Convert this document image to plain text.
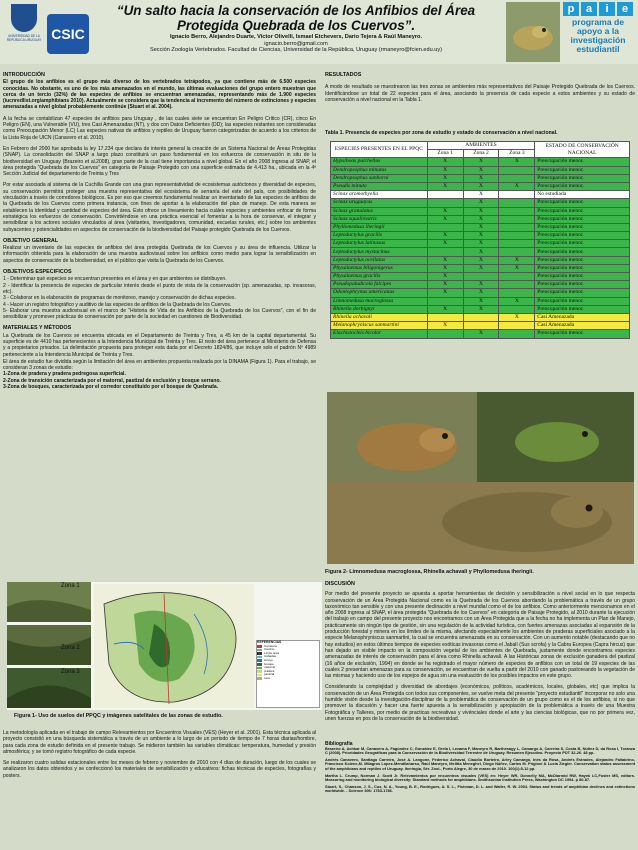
UNIVERSIDAD DE LA REPÚBLICA URUGUAY CSIC
“Un salto hacia la conservación de los Anfibios del Área Protegida Quebrada de los Cuervos”.
Ignacio Berro, Alejandro Duarte, Victor Olivelli, Ismael Etchevers, Dario Tejera & Raúl Maneyro.
ignacio.berro@gmail.com
Sección Zoología Vertebrados. Facultad de Ciencias, Universidad de la República, Uruguay (rmaneyro@fcien.edu.uy)
p	a	i	e
programa de apoyo a la investigación estudiantil
INTRODUCCIÓN

El grupo de los anfibios es el grupo más diverso de los vertebrados tetrápodos, ya que contiene más de 6.500 especies conocidas. No obstante, es uno de los más amenazados en el mundo, las últimas evaluaciones del grupo entero muestran que cerca de un tercio (32%) de las especies de anfibios se encuentran amenazadas, representando más de 1.900 especies (iucnredlist.org/amphibians 2010). Actualmente se considera que la tendencia al incremento del número de extinciones y especies amenazadas a nivel global probablemente continúe (Stuart et al. 2004).

A la fecha se contabilizan 47 especies de anfibios para Uruguay , de las cuales siete se encuentran En Peligro Crítico (CR), cinco En Peligro (EN), una Vulnerable (VU), tres Casi Amenazadas (NT), y dos con Datos Deficientes (DD); las especies restantes son consideradas como Preocupación Menor (LC) Las especies nativas de anfibios y reptiles de Uruguay fueron categorizadas de acuerdo a los criterios de la Lista Roja de UICN (Canavero et al. 2010).

En Febrero del 2000 fue aprobada la ley 17.234 que declara de interés general la creación de un Sistema Nacional de Áreas Protegidas (SNAP). La consolidación del SNAP a largo plazo constituirá un paso fundamental en los esfuerzos de conservación in situ de la biodiversidad en Uruguay (Brazeiro et al.2008), gran parte de la cual tiene importancia a nivel global. En el año 2008 ingresa al SNAP, el área protegida “Quebrada de los Cuervos” en categoría de Paisaje Protegido con una superficie estimada de 4.413 ha., ubicada en la 4ª Sección Judicial del departamento de Treinta y Tres

Por estar asociada al sistema de la Cuchilla Grande con una gran representatividad de ecosistemas autóctonos y diversidad de especies, su conservación permitirá proteger una muestra representativa del ecosistema de serranía del este del país, con posibilidades de vinculación a través de corredores biológicos. Es por eso que creemos fundamental realizar un inventariado de las especies de anfibios de la Quebrada de los Cuervos como primera instancia, con fines de aportar a la elaboración del plan de manejo. De esta manera se establecen la identidad y cantidad de especies del área. Esto ofrece un lineamiento hacia cuáles especies y ambientes enfocar de forma estratégica los esfuerzos de conservación. Convirtiéndose en una práctica esencial el fomentar a la hora de conservar, el integrar y sensibilizar a los actores sociales vinculados al área (visitantes, investigadores, comunidad, escuelas rurales, etc.) sobre los ambientes subyacentes y potencialidades en aspectos de conservación de la biodiversidad del Paisaje protegido Quebrada de los Cuervos.

OBJETIVO GENERAL

Realizar un inventario de las especies de anfibios del área protegida Quebrada de los Cuervos y su área de influencia. Utilizar la información obtenida para la elaboración de una muestra audiovisual sobre los anfibios como medio para lograr la sensibilización en aspectos de conservación de la biodiversidad, en el público que visita la Quebrada de los Cuervos.

OBJETIVOS ESPECIFICOS
1 - Determinar qué especies se encuentran presentes en el área y en que ambientes se distribuyen.
2 - Identificar la presencia de especies de particular interés desde el punto de vista de la conservación (sp. amenazadas, sp. invasoras, etc).
3 - Colaborar en la elaboración de programas de monitoreo, manejo y conservación de dichas especies.
4 - Hacer un registro fotográfico y auditivo de las especies de anfibios de la Quebrada de los Cuervos.
5- Elaborar una muestra audiovisual en el marco de “Historia de Vida de los Anfibios de la Quebrada de los Cuervos”, con el fin de sensibilizar y promover prácticas de conservación por parte de la sociedad en cuestiones de Biodiversidad.
MATERIALES Y MÉTODOS

La Quebrada de los Cuervos se encuentra ubicada en el Departamento de Treinta y Tres, a 45 km de la capital departamental. Su superficie es de 4410 has pertenecientes a la Intendencia Municipal de Treinta y Tres. El resto del área pertenece al Ministerio de Defensa y a propietarios privados. La delimitación propuesta para proteger esta dada por el Decreto 1824/86, que incluye solo el padrón Nº 4989 perteneciente a la Intendencia Municipal de Treinta y Tres.

El área de estudio fue dividida según la limitación del área en ambientes propuesta realizada por la DINAMA (Figura 1). Para el trabajo, se consideran 3 zonas de estudio:

1-Zona de pradera y pradera pedregosa superficial.
2-Zona de transición caracterizada por el matorral, pastizal de exclusión y bosque serrano.
3-Zona de bosques, caracterizada por el corredor constituido por el bosque de Quebrada.
Zona 1
Zona 2
Zona 3
REFERENCIAS
Carretera
Camino
Límite área
Cañadas
Arroyo
bosque
matorral
pradera
pastizal
roca
Figura 1- Uso de suelos del PPQC y imágenes satelitales de las zonas de estudio.

La metodología aplicada en el trabajo de campo Relevamientos por Encuentros Visuales (VES) (Heyer et al. 2001). Esta técnica aplicada al proyecto consistió en una búsqueda sistemática a través de un ambiente a lo largo de un periodo de tiempo de 7 horas diarias/hombre, para cada zona de estudio definida en el presente trabajo. Se midieron también las variables climáticas: temperatura, humedad y presión atmosférica; y se tomó registro fotográfico de cada especie.

Se realizaron cuatro salidas estacionales entre los meses de febrero y noviembre de 2010 con 4 días de duración, luego de los cuales se analizaron los datos obtenidos y se confeccionó los materiales de sensibilización y educativos: fichas técnicas de especies, fotografías y posters.

RESULTADOS

A modo de resultado se muestrearon las tres zonas se ambientes más representativos del Paisaje Protegido Quebrada de los Cuervos. Identificándose un total de 22 especies para el área, asociando la presencia de cada especie a estos ambientes y su estado de conservación a nivel nacional en la Tabla 1.

Tabla 1. Presencia de especies por zona de estudio y estado de conservación a nivel nacional.
ESPECIES PRESENTES EN EL PPQC	AMBIENTES			ESTADO DE CONSERVACIÓN NACIONAL
	Zona 1	Zona 2	Zona 3	
Hypsiboas pulchellus	X	X	X	Preocupación menor.
Dendropsophus minutus	X	X		Preocupación menor.
Dendropsophus sanborni	X	X		Preocupación menor.
Pseudis minuta	X	X	X	Preocupación menor.
Scinax aromothyella		X		No estudiada
Scinax uruguayus		X		Preocupación menor.
Scinax granulatus	X	X		Preocupación menor.
Scinax squalirostris	X	X		Preocupación menor.
Phyllomedusa iheringii		X		Preocupación menor.
Leptodactylus gracilis	X	X		Preocupación menor.
Leptodactylus latinasus	X	X		Preocupación menor.
Leptodactylus mystacinus		X		Preocupación menor.
Leptodactylus ocellatus	X	X	X	Preocupación menor.
Physalaemus biligonigerus	X	X	X	Preocupación menor.
Physalaemus gracilis	X			Preocupación menor.
Pseudopaludicola falcipes	X	X		Preocupación menor.
Odontophrynus americanus	X	X		Preocupación menor.
Limnomedusa macroglossa		X	X	Preocupación menor.
Rhinella dorbignyi	X	X		Preocupación menor.
Rhinella achavali			X	Casi Amenazada
Melanophryniscus sanmartini	X			Casi Amenazada
Elachistocleis bicolor		X		Preocupación menor.
Figura 2- Limnomedusa macroglossa, Rhinella achavali y Phyllomedusa iheringii.
DISCUSIÓN

Por medio del presente proyecto se apuesta a aportar herramientas de decisión y sensibilización a nivel social en lo que respecta conservación de un Área Protegida Nacional como es la Quebrada de los Cuervos abordando la problemática a través de un grupo taxonómico tan sensible y con una presente declinación a nivel mundial como el de los anfibios. Como anteriormente mencionamos en el año 2008 ingresa al SNAP, el área protegida “Quebrada de los Cuervos” en categoría de Paisaje Protegido, al 2010 durante la ejecución del trabajo en campo del presente proyecto nos encontramos con un Área Protegida que a la fecha no ha implementa un Plan de Manejo, prácticamente sin ningún tipo de gestión, sin una regulación de la actividad turística, con fuertes amenazas asociadas al expansión de la producción forestal y minera en los límites de la misma, afectando especialmente los ambientes de praderas superficiales asociado a la especie Melanophryniscus sanmartini, la cual se encuentra amenazada en su conservación. Con un aumento notable (destacando que no hay estudios) en estos últimos tiempos de especies exóticas invasoras como el Jabalí (Sus scrofa) y la Cabra Europea (Capra hircus) que han dejado un visible impacto en la composición vegetal de los ambientes de Quebrada, justamente donde encontramos especies amenazadas de interés de conservación para el área como Rhinella achavali. A las Históricas zonas de exclusión ganadera del pastizal (16 años de exclusión, 1994) en donde se ha registrado el mayor número de especies de anfibios con un total de 19 especies de las cuales 2 presentan amenazas para su conservación, se encuentran de vuelta a partir del 2010 con ganado pastoreando la vegetación de las mismas y haciendo uso de los espejos de agua sin una evaluación de los posibles impactos en este grupo.

Considerando la complejidad y diversidad de abordajes (económicos, políticos, académicos, locales, globales, etc) que implica la conservación de un Área Protegida con todos sus componentes, se vuelve meta del presente “proyecto estudiantil” incorporar no solo una humilde visión desde la investigación-disciplinar de la problemática de conservación de un grupo como es el de los anfibios, si no que promover la discusión y hacer una fuerte apuesta a la sensibilización y apropiación de la problemática a través de una Muestra Fotográfica y Talleres, por medio de practicas recreativas y vivénciales donde el arte y las ciencias biológicas, que no por primera vez, unen fuerzas en pos de la conservación de la biodiversidad.

Bibliografía

Brazeiro A, Achkar M, Canavero A, Fagúndez C, González E, Grela I, Lezama F, Maneyro R, Barthesagy L, Camargo A, Carreira S, Costa B, Núñez D, da Rosa I, Toranza C (2008). Prioridades Geográficas para la Conservación de la Biodiversidad Terrestre de Uruguay. Resumen Ejecutivo. Proyecto PDT 32-26. 48 pp.

Andrés Canavero, Santiago Carreira, José A. Langone, Federico Achaval, Claudio Borteiro, Arley Camargo, Inés da Rosa, Andrés Estrades, Alejandro Fallabrino, Francisco Kolenc,M. Milagros López-Mendilaharsu, Raúl Maneyro, Melitta Meneghel, Diego Núñez, Carlos M. Prigioni & Lucía Ziegler. Conservation status assessment of the amphibians and reptiles of Uruguay. Iheringia, Sér. Zool., Porto Alegre, 30 de marzo de 2010. 100(1):5-12 pp.

Martha L. Crump, Norman J. Scott Jr. Relevamientos por encuentros visuales (VES) en: Heyer WR, Donnelly MA, McDiarmid RW, Hayek LC,Foster MS, editors. Measuring and monitoring biological diversity: Standard methods for amphibians. Smithsonian Institution Press, Washington DC 1994. p 80-87.

Stuart, S., Chanson, J. S., Cox, N. A., Young, B. E., Rodrigues, A. S. L., Fishman, D. L. and Waller, R. W. 2004. Status and trends of amphibian declines and extinctions worldwide. - Science 306: 1783-1786.
